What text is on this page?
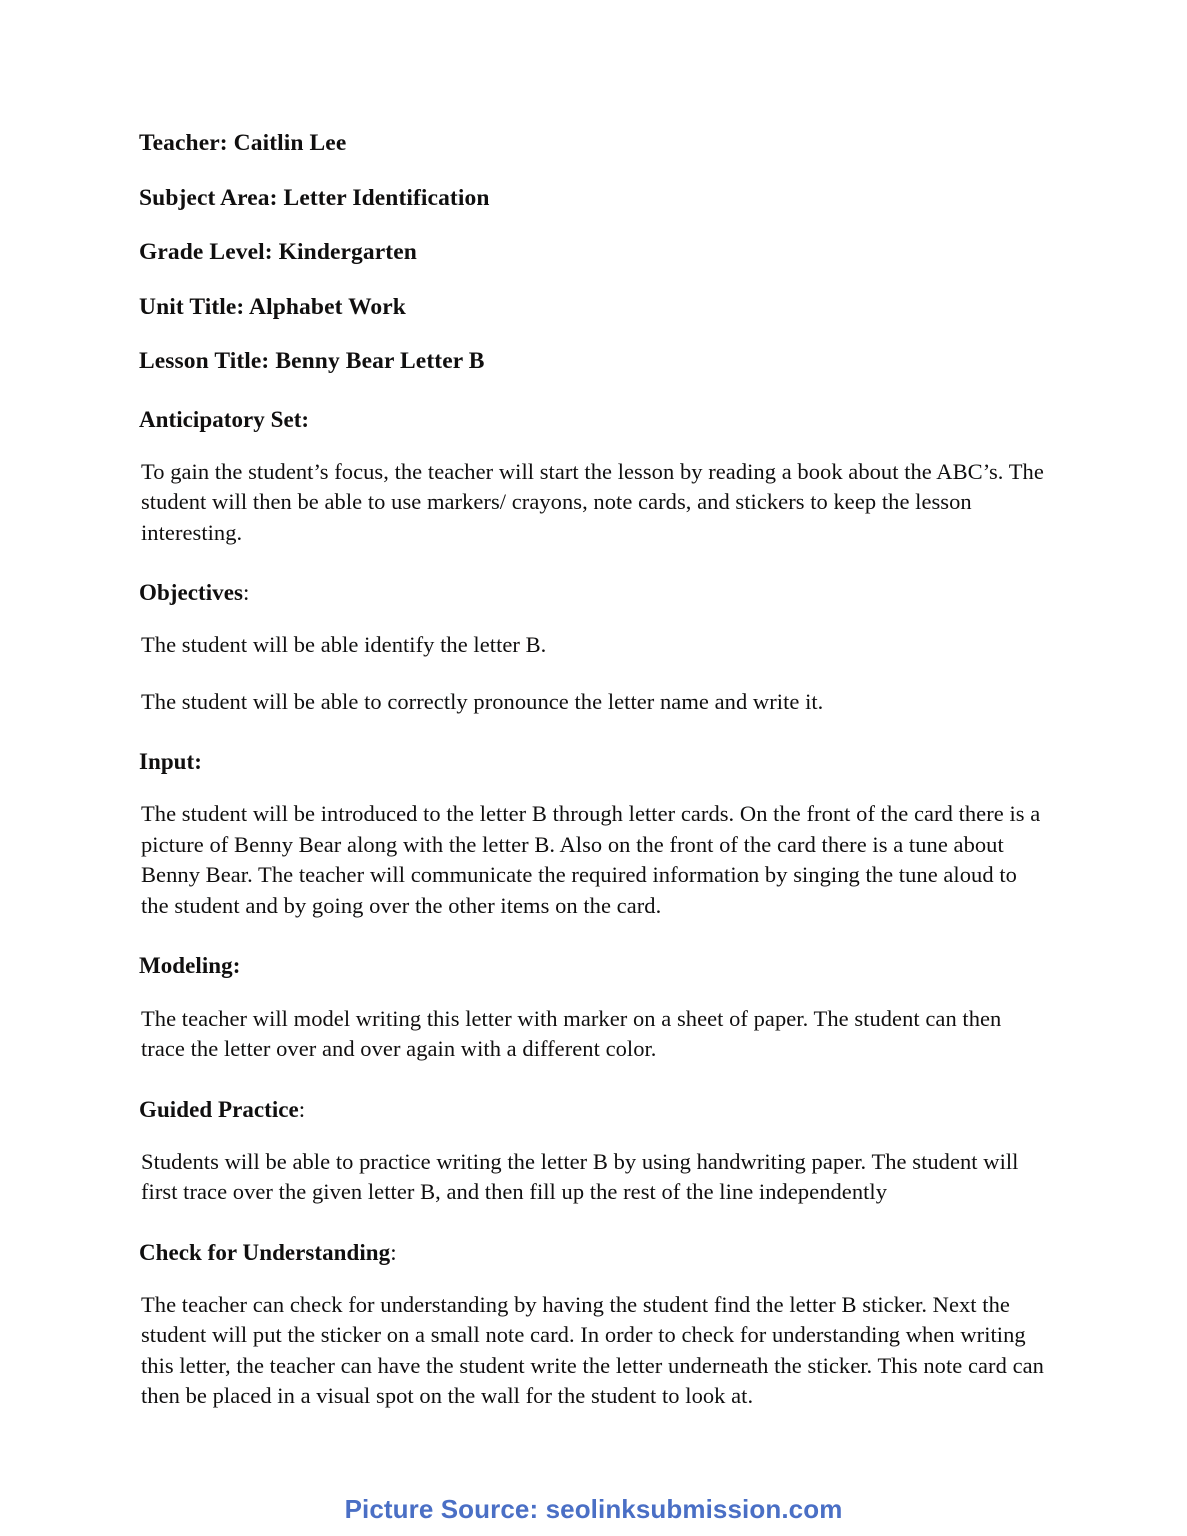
Teacher: Caitlin Lee
Subject Area: Letter Identification
Grade Level: Kindergarten
Unit Title: Alphabet Work
Lesson Title: Benny Bear Letter B
Anticipatory Set:

To gain the student’s focus, the teacher will start the lesson by reading a book about the ABC’s. The student will then be able to use markers/ crayons, note cards, and stickers to keep the lesson interesting.

Objectives:

The student will be able identify the letter B.

The student will be able to correctly pronounce the letter name and write it.

Input:

The student will be introduced to the letter B through letter cards. On the front of the card there is a picture of Benny Bear along with the letter B. Also on the front of the card there is a tune about Benny Bear. The teacher will communicate the required information by singing the tune aloud to the student and by going over the other items on the card.

Modeling:

The teacher will model writing this letter with marker on a sheet of paper. The student can then trace the letter over and over again with a different color.

Guided Practice:

Students will be able to practice writing the letter B by using handwriting paper. The student will first trace over the given letter B, and then fill up the rest of the line independently

Check for Understanding:

The teacher can check for understanding by having the student find the letter B sticker. Next the student will put the sticker on a small note card. In order to check for understanding when writing this letter, the teacher can have the student write the letter underneath the sticker. This note card can then be placed in a visual spot on the wall for the student to look at.

Picture Source: seolinksubmission.com
